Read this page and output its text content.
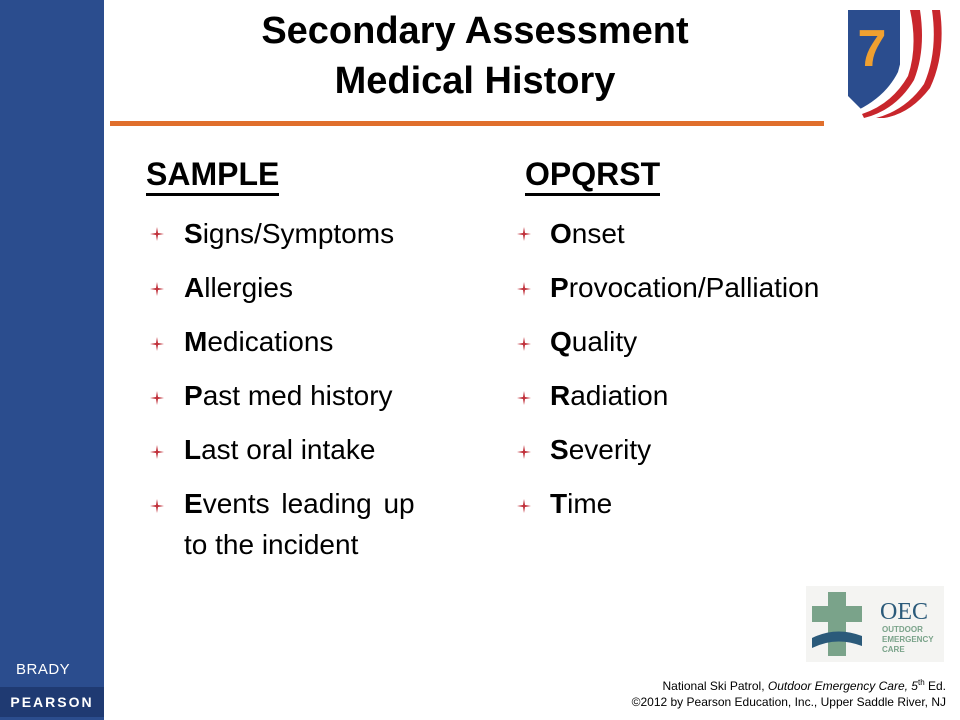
BRADY
PEARSON
Secondary Assessment
Medical History
7
SAMPLE
Signs/Symptoms
Allergies
Medications
Past med history
Last oral intake
Events leading up
to the incident
OPQRST
Onset
Provocation/Palliation
Quality
Radiation
Severity
Time
OEC
OUTDOOR
EMERGENCY
CARE
National Ski Patrol, Outdoor Emergency Care, 5th Ed.
©2012 by Pearson Education, Inc., Upper Saddle River, NJ
